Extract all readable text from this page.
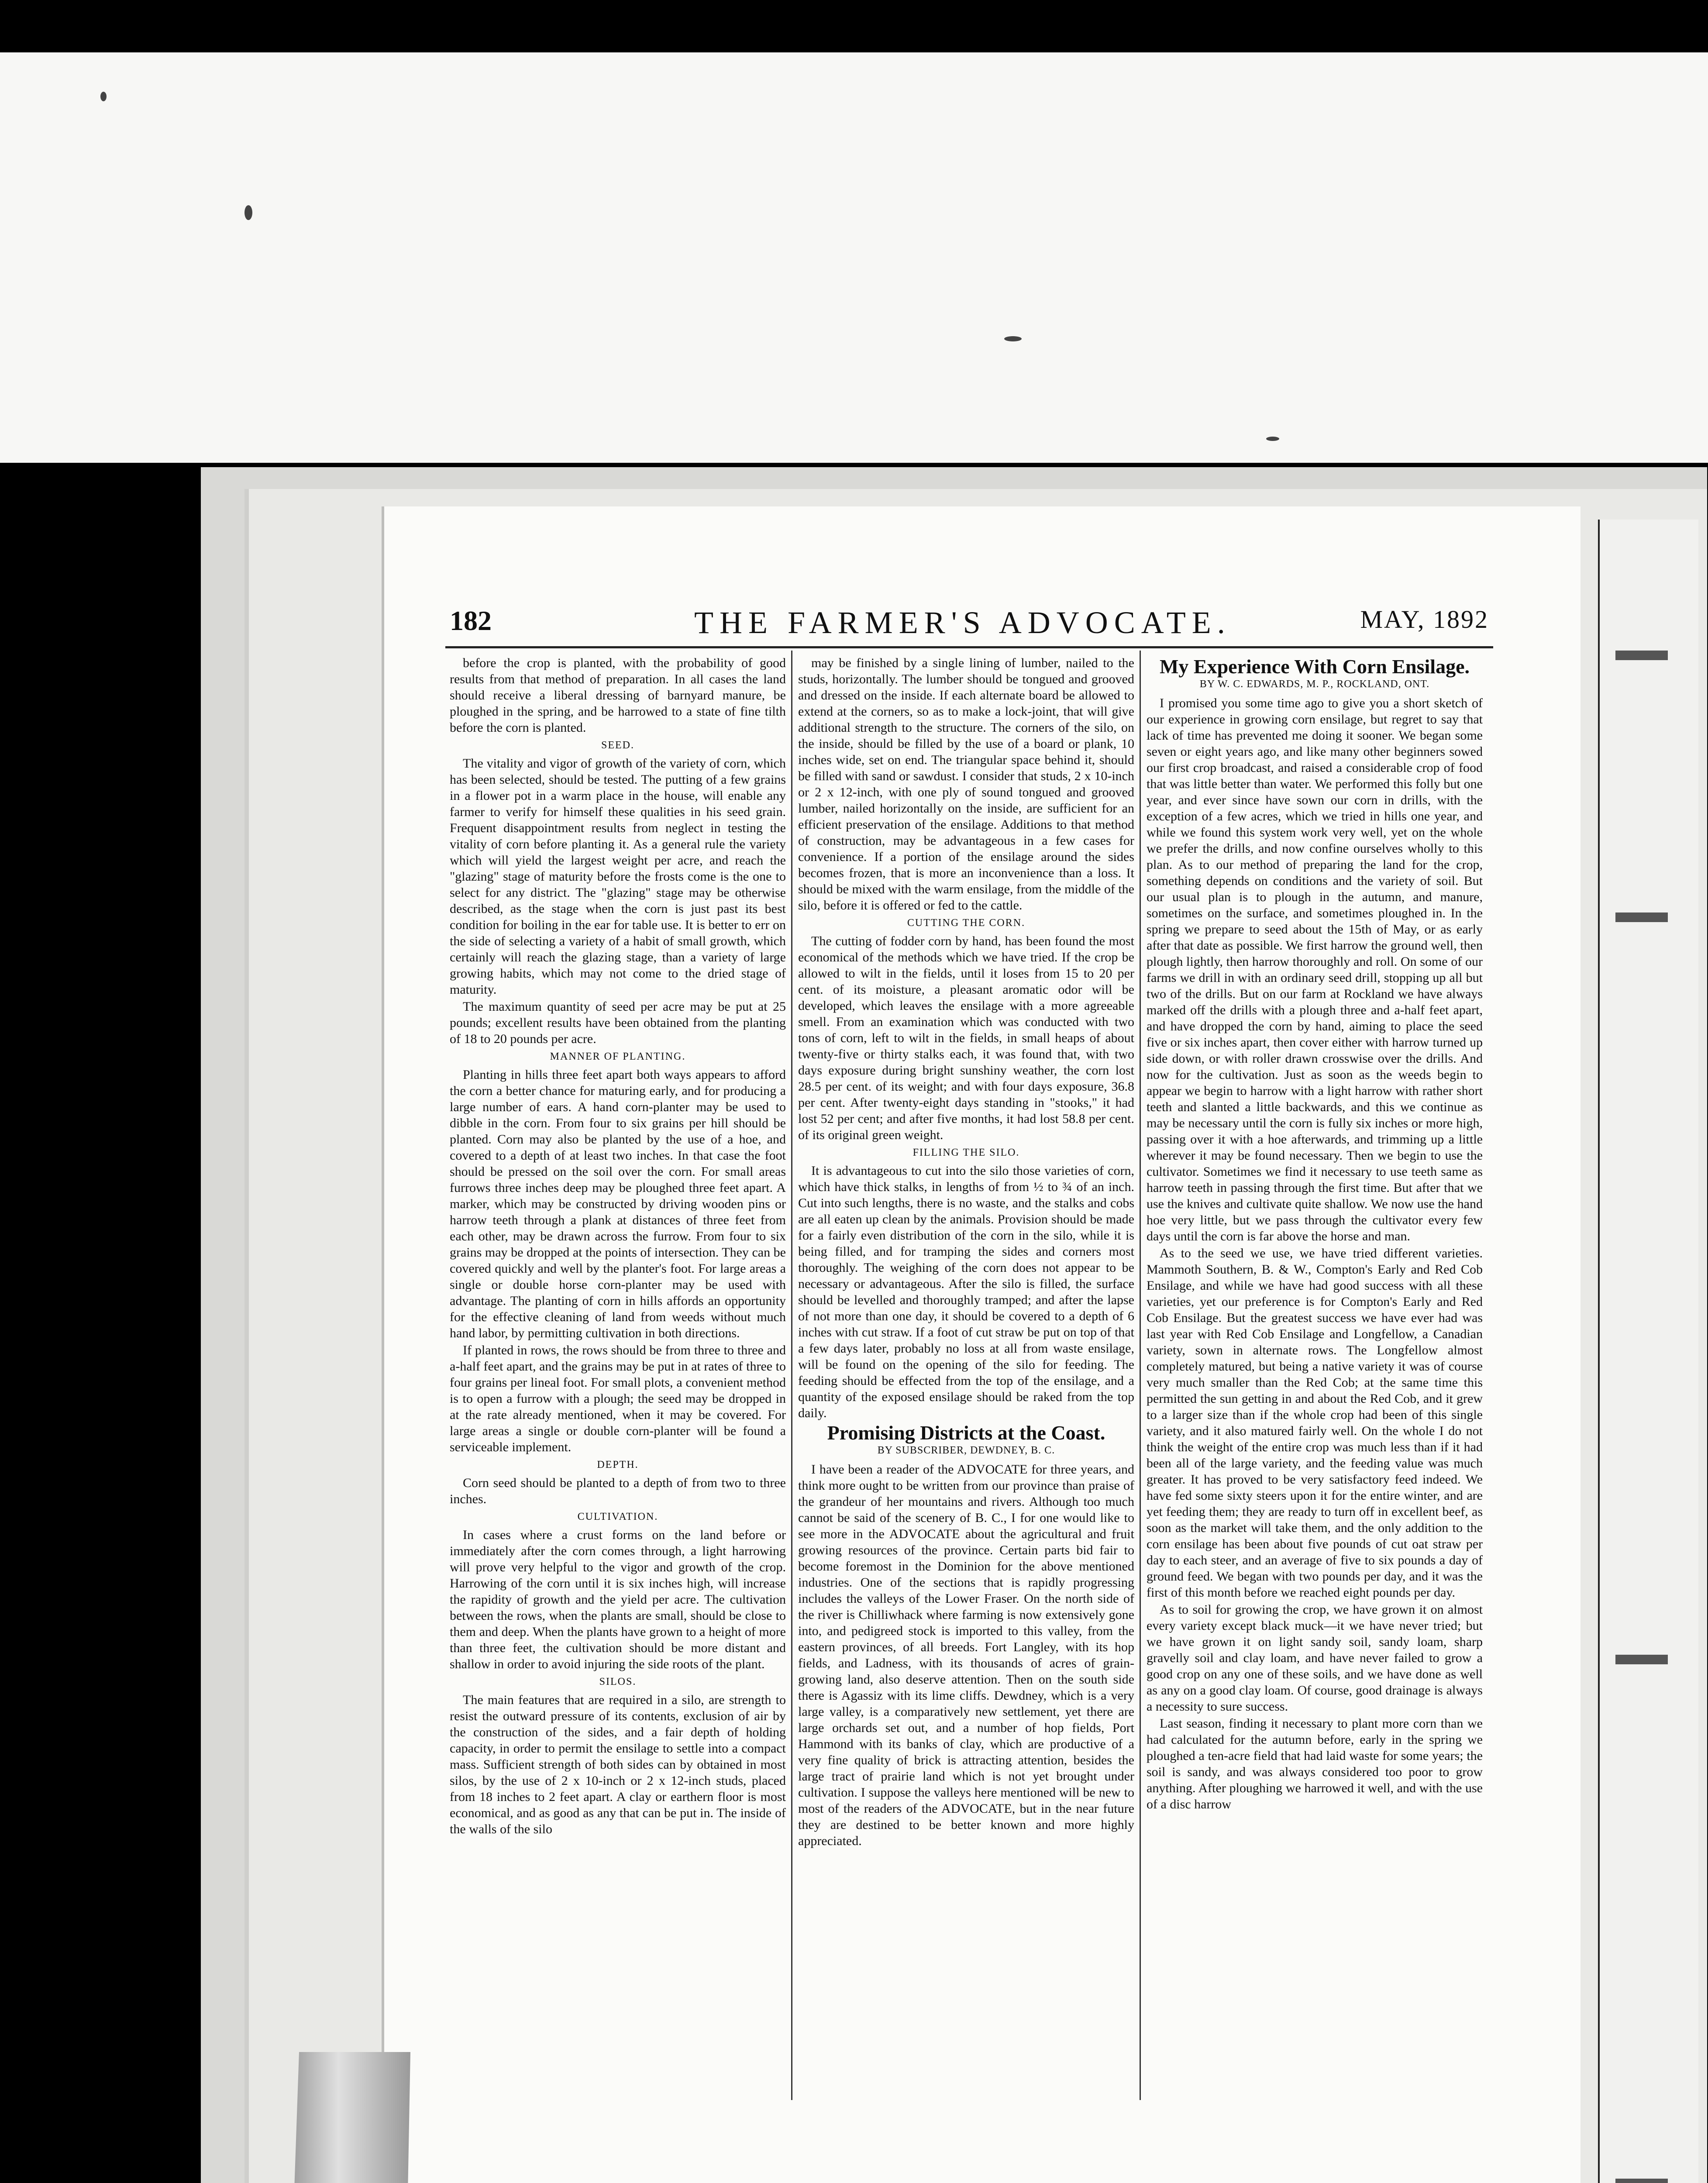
182	THE FARMER'S ADVOCATE.	MAY, 1892

before the crop is planted, with the probability of good results from that method of preparation. In all cases the land should receive a liberal dressing of barnyard manure, be ploughed in the spring, and be harrowed to a state of fine tilth before the corn is planted.

SEED.

The vitality and vigor of growth of the variety of corn, which has been selected, should be tested. The putting of a few grains in a flower pot in a warm place in the house, will enable any farmer to verify for himself these qualities in his seed grain. Frequent disappointment results from neglect in testing the vitality of corn before planting it. As a general rule the variety which will yield the largest weight per acre, and reach the "glazing" stage of maturity before the frosts come is the one to select for any district. The "glazing" stage may be otherwise described, as the stage when the corn is just past its best condition for boiling in the ear for table use. It is better to err on the side of selecting a variety of a habit of small growth, which certainly will reach the glazing stage, than a variety of large growing habits, which may not come to the dried stage of maturity.

The maximum quantity of seed per acre may be put at 25 pounds; excellent results have been obtained from the planting of 18 to 20 pounds per acre.

MANNER OF PLANTING.

Planting in hills three feet apart both ways appears to afford the corn a better chance for maturing early, and for producing a large number of ears. A hand corn-planter may be used to dibble in the corn. From four to six grains per hill should be planted. Corn may also be planted by the use of a hoe, and covered to a depth of at least two inches. In that case the foot should be pressed on the soil over the corn. For small areas furrows three inches deep may be ploughed three feet apart. A marker, which may be constructed by driving wooden pins or harrow teeth through a plank at distances of three feet from each other, may be drawn across the furrow. From four to six grains may be dropped at the points of intersection. They can be covered quickly and well by the planter's foot. For large areas a single or double horse corn-planter may be used with advantage. The planting of corn in hills affords an opportunity for the effective cleaning of land from weeds without much hand labor, by permitting cultivation in both directions.

If planted in rows, the rows should be from three to three and a-half feet apart, and the grains may be put in at rates of three to four grains per lineal foot. For small plots, a convenient method is to open a furrow with a plough; the seed may be dropped in at the rate already mentioned, when it may be covered. For large areas a single or double corn-planter will be found a serviceable implement.

DEPTH.

Corn seed should be planted to a depth of from two to three inches.

CULTIVATION.

In cases where a crust forms on the land before or immediately after the corn comes through, a light harrowing will prove very helpful to the vigor and growth of the crop. Harrowing of the corn until it is six inches high, will increase the rapidity of growth and the yield per acre. The cultivation between the rows, when the plants are small, should be close to them and deep. When the plants have grown to a height of more than three feet, the cultivation should be more distant and shallow in order to avoid injuring the side roots of the plant.

SILOS.

The main features that are required in a silo, are strength to resist the outward pressure of its contents, exclusion of air by the construction of the sides, and a fair depth of holding capacity, in order to permit the ensilage to settle into a compact mass. Sufficient strength of both sides can by obtained in most silos, by the use of 2 x 10-inch or 2 x 12-inch studs, placed from 18 inches to 2 feet apart. A clay or earthern floor is most economical, and as good as any that can be put in. The inside of the walls of the silo

may be finished by a single lining of lumber, nailed to the studs, horizontally. The lumber should be tongued and grooved and dressed on the inside. If each alternate board be allowed to extend at the corners, so as to make a lock-joint, that will give additional strength to the structure. The corners of the silo, on the inside, should be filled by the use of a board or plank, 10 inches wide, set on end. The triangular space behind it, should be filled with sand or sawdust. I consider that studs, 2 x 10-inch or 2 x 12-inch, with one ply of sound tongued and grooved lumber, nailed horizontally on the inside, are sufficient for an efficient preservation of the ensilage. Additions to that method of construction, may be advantageous in a few cases for convenience. If a portion of the ensilage around the sides becomes frozen, that is more an inconvenience than a loss. It should be mixed with the warm ensilage, from the middle of the silo, before it is offered or fed to the cattle.

CUTTING THE CORN.

The cutting of fodder corn by hand, has been found the most economical of the methods which we have tried. If the crop be allowed to wilt in the fields, until it loses from 15 to 20 per cent. of its moisture, a pleasant aromatic odor will be developed, which leaves the ensilage with a more agreeable smell. From an examination which was conducted with two tons of corn, left to wilt in the fields, in small heaps of about twenty-five or thirty stalks each, it was found that, with two days exposure during bright sunshiny weather, the corn lost 28.5 per cent. of its weight; and with four days exposure, 36.8 per cent. After twenty-eight days standing in "stooks," it had lost 52 per cent; and after five months, it had lost 58.8 per cent. of its original green weight.

FILLING THE SILO.

It is advantageous to cut into the silo those varieties of corn, which have thick stalks, in lengths of from ½ to ¾ of an inch. Cut into such lengths, there is no waste, and the stalks and cobs are all eaten up clean by the animals. Provision should be made for a fairly even distribution of the corn in the silo, while it is being filled, and for tramping the sides and corners most thoroughly. The weighing of the corn does not appear to be necessary or advantageous. After the silo is filled, the surface should be levelled and thoroughly tramped; and after the lapse of not more than one day, it should be covered to a depth of 6 inches with cut straw. If a foot of cut straw be put on top of that a few days later, probably no loss at all from waste ensilage, will be found on the opening of the silo for feeding. The feeding should be effected from the top of the ensilage, and a quantity of the exposed ensilage should be raked from the top daily.

Promising Districts at the Coast.
BY SUBSCRIBER, DEWDNEY, B. C.

I have been a reader of the ADVOCATE for three years, and think more ought to be written from our province than praise of the grandeur of her mountains and rivers. Although too much cannot be said of the scenery of B. C., I for one would like to see more in the ADVOCATE about the agricultural and fruit growing resources of the province. Certain parts bid fair to become foremost in the Dominion for the above mentioned industries. One of the sections that is rapidly progressing includes the valleys of the Lower Fraser. On the north side of the river is Chilliwhack where farming is now extensively gone into, and pedigreed stock is imported to this valley, from the eastern provinces, of all breeds. Fort Langley, with its hop fields, and Ladness, with its thousands of acres of grain-growing land, also deserve attention. Then on the south side there is Agassiz with its lime cliffs. Dewdney, which is a very large valley, is a comparatively new settlement, yet there are large orchards set out, and a number of hop fields, Port Hammond with its banks of clay, which are productive of a very fine quality of brick is attracting attention, besides the large tract of prairie land which is not yet brought under cultivation. I suppose the valleys here mentioned will be new to most of the readers of the ADVOCATE, but in the near future they are destined to be better known and more highly appreciated.

My Experience With Corn Ensilage.
BY W. C. EDWARDS, M. P., ROCKLAND, ONT.

I promised you some time ago to give you a short sketch of our experience in growing corn ensilage, but regret to say that lack of time has prevented me doing it sooner. We began some seven or eight years ago, and like many other beginners sowed our first crop broadcast, and raised a considerable crop of food that was little better than water. We performed this folly but one year, and ever since have sown our corn in drills, with the exception of a few acres, which we tried in hills one year, and while we found this system work very well, yet on the whole we prefer the drills, and now confine ourselves wholly to this plan. As to our method of preparing the land for the crop, something depends on conditions and the variety of soil. But our usual plan is to plough in the autumn, and manure, sometimes on the surface, and sometimes ploughed in. In the spring we prepare to seed about the 15th of May, or as early after that date as possible. We first harrow the ground well, then plough lightly, then harrow thoroughly and roll. On some of our farms we drill in with an ordinary seed drill, stopping up all but two of the drills. But on our farm at Rockland we have always marked off the drills with a plough three and a-half feet apart, and have dropped the corn by hand, aiming to place the seed five or six inches apart, then cover either with harrow turned up side down, or with roller drawn crosswise over the drills. And now for the cultivation. Just as soon as the weeds begin to appear we begin to harrow with a light harrow with rather short teeth and slanted a little backwards, and this we continue as may be necessary until the corn is fully six inches or more high, passing over it with a hoe afterwards, and trimming up a little wherever it may be found necessary. Then we begin to use the cultivator. Sometimes we find it necessary to use teeth same as harrow teeth in passing through the first time. But after that we use the knives and cultivate quite shallow. We now use the hand hoe very little, but we pass through the cultivator every few days until the corn is far above the horse and man.

As to the seed we use, we have tried different varieties. Mammoth Southern, B. & W., Compton's Early and Red Cob Ensilage, and while we have had good success with all these varieties, yet our preference is for Compton's Early and Red Cob Ensilage. But the greatest success we have ever had was last year with Red Cob Ensilage and Longfellow, a Canadian variety, sown in alternate rows. The Longfellow almost completely matured, but being a native variety it was of course very much smaller than the Red Cob; at the same time this permitted the sun getting in and about the Red Cob, and it grew to a larger size than if the whole crop had been of this single variety, and it also matured fairly well. On the whole I do not think the weight of the entire crop was much less than if it had been all of the large variety, and the feeding value was much greater. It has proved to be very satisfactory feed indeed. We have fed some sixty steers upon it for the entire winter, and are yet feeding them; they are ready to turn off in excellent beef, as soon as the market will take them, and the only addition to the corn ensilage has been about five pounds of cut oat straw per day to each steer, and an average of five to six pounds a day of ground feed. We began with two pounds per day, and it was the first of this month before we reached eight pounds per day.

As to soil for growing the crop, we have grown it on almost every variety except black muck—it we have never tried; but we have grown it on light sandy soil, sandy loam, sharp gravelly soil and clay loam, and have never failed to grow a good crop on any one of these soils, and we have done as well as any on a good clay loam. Of course, good drainage is always a necessity to sure success.

Last season, finding it necessary to plant more corn than we had calculated for the autumn before, early in the spring we ploughed a ten-acre field that had laid waste for some years; the soil is sandy, and was always considered too poor to grow anything. After ploughing we harrowed it well, and with the use of a disc harrow
